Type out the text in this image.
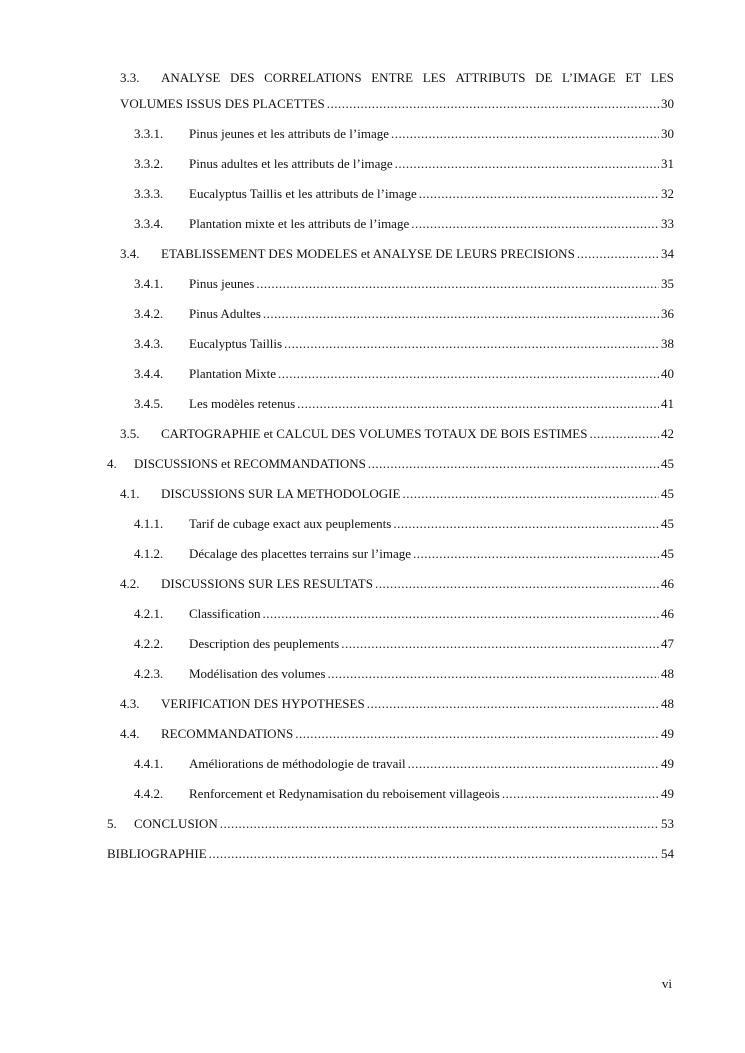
3.3. ANALYSE DES CORRELATIONS ENTRE LES ATTRIBUTS DE L’IMAGE ET LES
VOLUMES ISSUS DES PLACETTES .....	30
3.3.1. Pinus jeunes et les attributs de l’image .....	30
3.3.2. Pinus adultes et les attributs de l’image .....	31
3.3.3. Eucalyptus Taillis et les attributs de l’image .....	32
3.3.4. Plantation mixte et les attributs de l’image .....	33
3.4. ETABLISSEMENT DES MODELES et ANALYSE DE LEURS PRECISIONS .....	34
3.4.1. Pinus jeunes .....	35
3.4.2. Pinus Adultes .....	36
3.4.3. Eucalyptus Taillis .....	38
3.4.4. Plantation Mixte .....	40
3.4.5. Les modèles retenus .....	41
3.5. CARTOGRAPHIE et CALCUL DES VOLUMES TOTAUX DE BOIS ESTIMES .....	42
4. DISCUSSIONS et RECOMMANDATIONS .....	45
4.1. DISCUSSIONS SUR LA METHODOLOGIE .....	45
4.1.1. Tarif de cubage exact aux peuplements .....	45
4.1.2. Décalage des placettes terrains sur l’image .....	45
4.2. DISCUSSIONS SUR LES RESULTATS .....	46
4.2.1. Classification .....	46
4.2.2. Description des peuplements .....	47
4.2.3. Modélisation des volumes .....	48
4.3. VERIFICATION DES HYPOTHESES .....	48
4.4. RECOMMANDATIONS .....	49
4.4.1. Améliorations de méthodologie de travail .....	49
4.4.2. Renforcement et Redynamisation du reboisement villageois .....	49
5. CONCLUSION .....	53
BIBLIOGRAPHIE .....	54
vi
